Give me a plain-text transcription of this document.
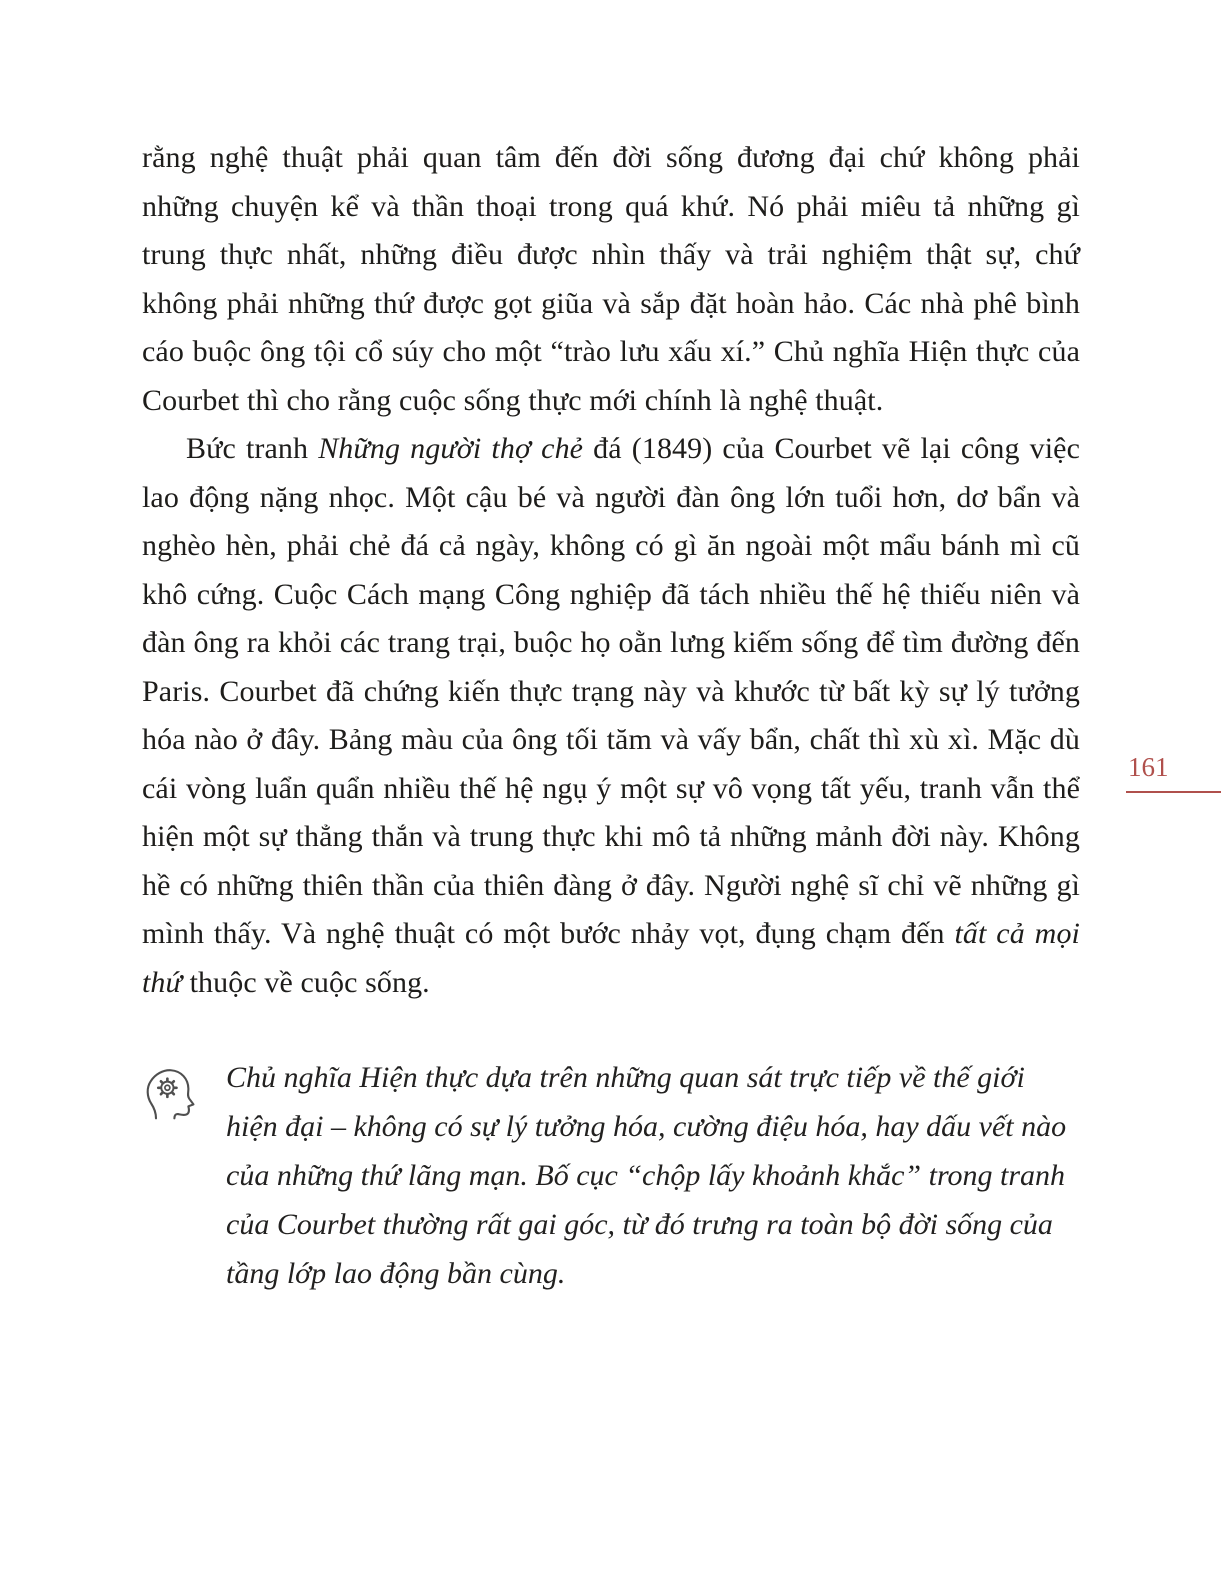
rằng nghệ thuật phải quan tâm đến đời sống đương đại chứ không phải những chuyện kể và thần thoại trong quá khứ. Nó phải miêu tả những gì trung thực nhất, những điều được nhìn thấy và trải nghiệm thật sự, chứ không phải những thứ được gọt giũa và sắp đặt hoàn hảo. Các nhà phê bình cáo buộc ông tội cổ súy cho một “trào lưu xấu xí.” Chủ nghĩa Hiện thực của Courbet thì cho rằng cuộc sống thực mới chính là nghệ thuật.

Bức tranh Những người thợ chẻ đá (1849) của Courbet vẽ lại công việc lao động nặng nhọc. Một cậu bé và người đàn ông lớn tuổi hơn, dơ bẩn và nghèo hèn, phải chẻ đá cả ngày, không có gì ăn ngoài một mẩu bánh mì cũ khô cứng. Cuộc Cách mạng Công nghiệp đã tách nhiều thế hệ thiếu niên và đàn ông ra khỏi các trang trại, buộc họ oằn lưng kiếm sống để tìm đường đến Paris. Courbet đã chứng kiến thực trạng này và khước từ bất kỳ sự lý tưởng hóa nào ở đây. Bảng màu của ông tối tăm và vấy bẩn, chất thì xù xì. Mặc dù cái vòng luẩn quẩn nhiều thế hệ ngụ ý một sự vô vọng tất yếu, tranh vẫn thể hiện một sự thẳng thắn và trung thực khi mô tả những mảnh đời này. Không hề có những thiên thần của thiên đàng ở đây. Người nghệ sĩ chỉ vẽ những gì mình thấy. Và nghệ thuật có một bước nhảy vọt, đụng chạm đến tất cả mọi thứ thuộc về cuộc sống.

Chủ nghĩa Hiện thực dựa trên những quan sát trực tiếp về thế giới hiện đại – không có sự lý tưởng hóa, cường điệu hóa, hay dấu vết nào của những thứ lãng mạn. Bố cục “chộp lấy khoảnh khắc” trong tranh của Courbet thường rất gai góc, từ đó trưng ra toàn bộ đời sống của tầng lớp lao động bần cùng.
161
